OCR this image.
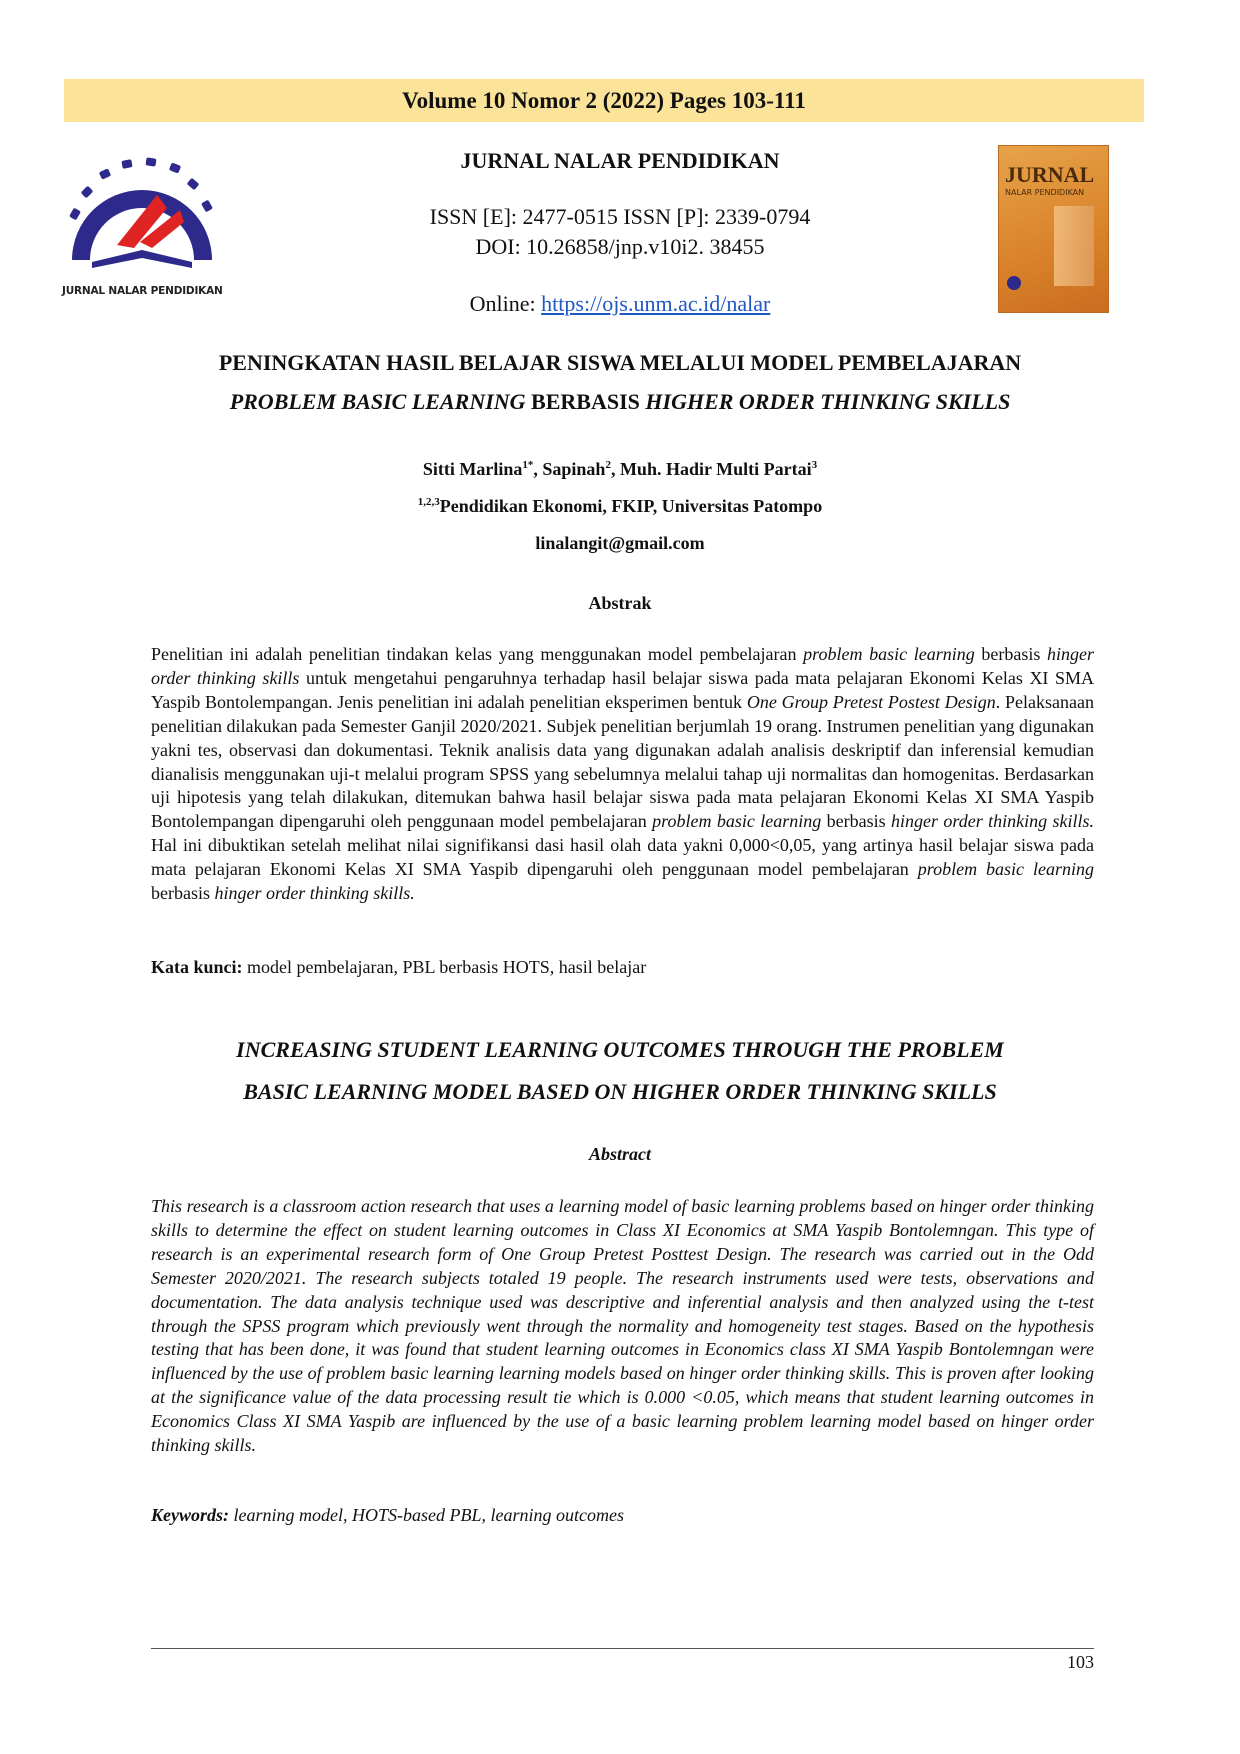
Volume 10 Nomor 2 (2022) Pages 103-111
JURNAL NALAR PENDIDIKAN
JURNAL
NALAR PENDIDIKAN
JURNAL NALAR PENDIDIKAN
ISSN [E]: 2477-0515 ISSN [P]: 2339-0794
DOI: 10.26858/jnp.v10i2. 38455
Online: https://ojs.unm.ac.id/nalar
PENINGKATAN HASIL BELAJAR SISWA MELALUI MODEL PEMBELAJARAN
PROBLEM BASIC LEARNING BERBASIS HIGHER ORDER THINKING SKILLS
Sitti Marlina$^{1*}$, Sapinah$^2$, Muh. Hadir Multi Partai$^3$
$^{1,2,3}$Pendidikan Ekonomi, FKIP, Universitas Patompo
linalangit@gmail.com
Abstrak
Penelitian ini adalah penelitian tindakan kelas yang menggunakan model pembelajaran problem basic learning berbasis hinger order thinking skills untuk mengetahui pengaruhnya terhadap hasil belajar siswa pada mata pelajaran Ekonomi Kelas XI SMA Yaspib Bontolempangan. Jenis penelitian ini adalah penelitian eksperimen bentuk One Group Pretest Postest Design. Pelaksanaan penelitian dilakukan pada Semester Ganjil 2020/2021. Subjek penelitian berjumlah 19 orang. Instrumen penelitian yang digunakan yakni tes, observasi dan dokumentasi. Teknik analisis data yang digunakan adalah analisis deskriptif dan inferensial kemudian dianalisis menggunakan uji-t melalui program SPSS yang sebelumnya melalui tahap uji normalitas dan homogenitas. Berdasarkan uji hipotesis yang telah dilakukan, ditemukan bahwa hasil belajar siswa pada mata pelajaran Ekonomi Kelas XI SMA Yaspib Bontolempangan dipengaruhi oleh penggunaan model pembelajaran problem basic learning berbasis hinger order thinking skills. Hal ini dibuktikan setelah melihat nilai signifikansi dasi hasil olah data yakni 0,000<0,05, yang artinya hasil belajar siswa pada mata pelajaran Ekonomi Kelas XI SMA Yaspib dipengaruhi oleh penggunaan model pembelajaran problem basic learning berbasis hinger order thinking skills.
Kata kunci: model pembelajaran, PBL berbasis HOTS, hasil belajar
INCREASING STUDENT LEARNING OUTCOMES THROUGH THE PROBLEM
BASIC LEARNING MODEL BASED ON HIGHER ORDER THINKING SKILLS
Abstract
This research is a classroom action research that uses a learning model of basic learning problems based on hinger order thinking skills to determine the effect on student learning outcomes in Class XI Economics at SMA Yaspib Bontolemngan. This type of research is an experimental research form of One Group Pretest Posttest Design. The research was carried out in the Odd Semester 2020/2021. The research subjects totaled 19 people. The research instruments used were tests, observations and documentation. The data analysis technique used was descriptive and inferential analysis and then analyzed using the t-test through the SPSS program which previously went through the normality and homogeneity test stages. Based on the hypothesis testing that has been done, it was found that student learning outcomes in Economics class XI SMA Yaspib Bontolemngan were influenced by the use of problem basic learning learning models based on hinger order thinking skills. This is proven after looking at the significance value of the data processing result tie which is 0.000 <0.05, which means that student learning outcomes in Economics Class XI SMA Yaspib are influenced by the use of a basic learning problem learning model based on hinger order thinking skills.
Keywords: learning model, HOTS-based PBL, learning outcomes
103
